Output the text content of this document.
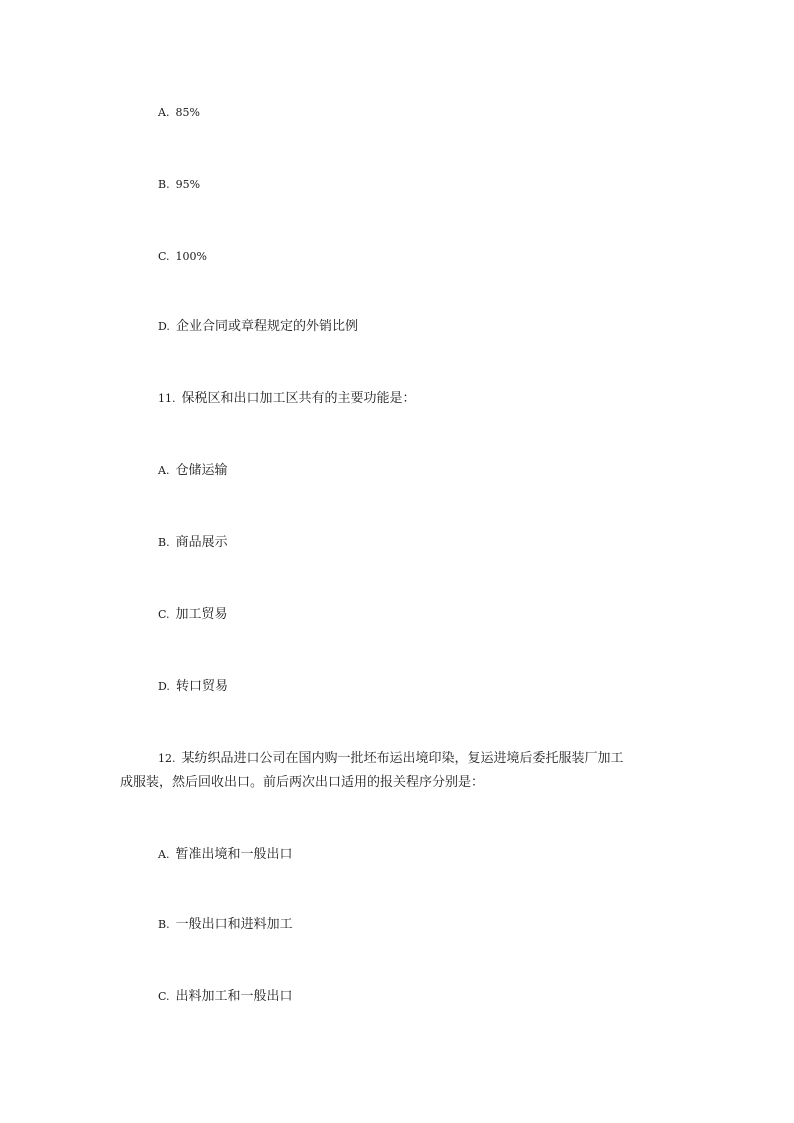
A. 85%
B. 95%
C. 100%
D. 企业合同或章程规定的外销比例
11. 保税区和出口加工区共有的主要功能是：
A. 仓储运输
B. 商品展示
C. 加工贸易
D. 转口贸易
12. 某纺织品进口公司在国内购一批坯布运出境印染，复运进境后委托服装厂加工
成服装，然后回收出口。前后两次出口适用的报关程序分别是：
A. 暂准出境和一般出口
B. 一般出口和进料加工
C. 出料加工和一般出口
